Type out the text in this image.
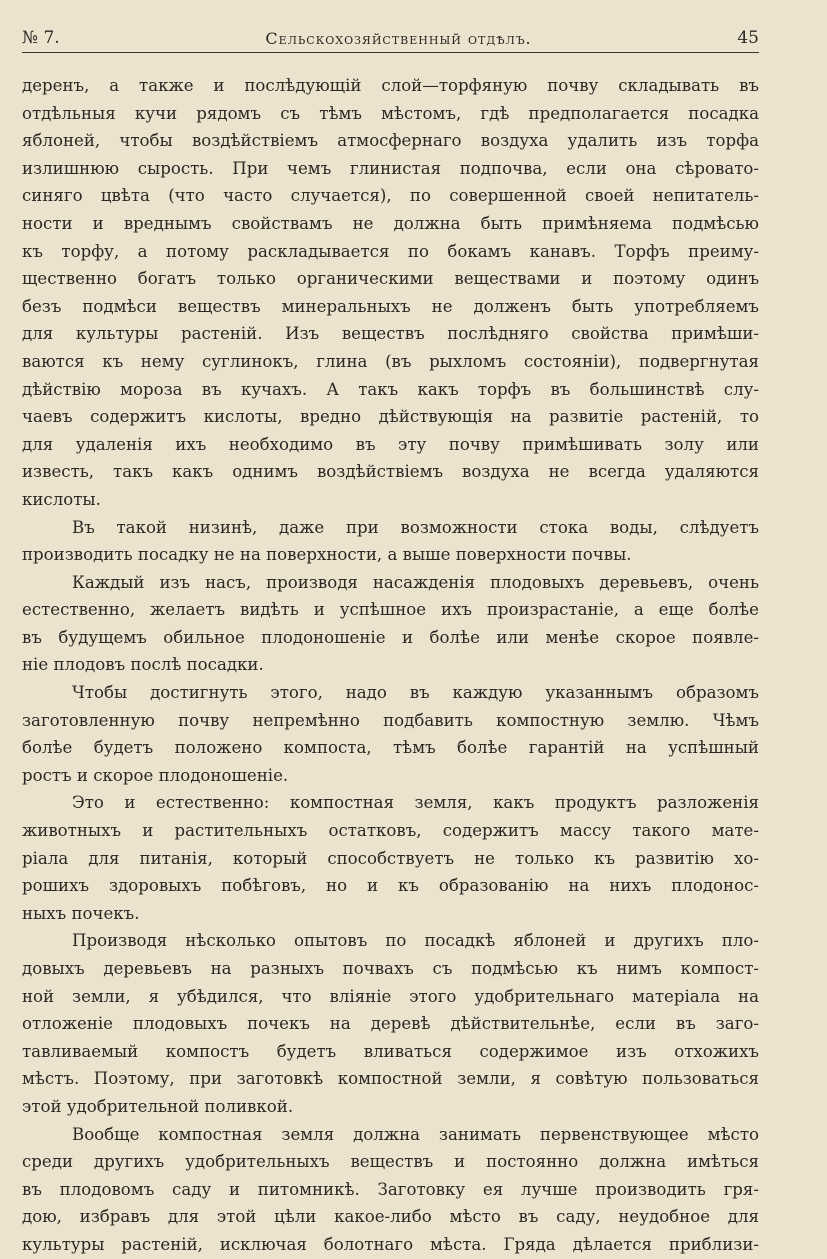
№ 7.	Сельскохозяйственный отдѣлъ.	45
деренъ, а также и послѣдующій слой—торфяную почву складывать въ
отдѣльныя кучи рядомъ съ тѣмъ мѣстомъ, гдѣ предполагается посадка
яблоней, чтобы воздѣйствіемъ атмосфернаго воздуха удалить изъ торфа
излишнюю сырость. При чемъ глинистая подпочва, если она сѣровато-
синяго цвѣта (что часто случается), по совершенной своей непитатель-
ности и вреднымъ свойствамъ не должна быть примѣняема подмѣсью
къ торфу, а потому раскладывается по бокамъ канавъ. Торфъ преиму-
щественно богатъ только органическими веществами и поэтому одинъ
безъ подмѣси веществъ минеральныхъ не долженъ быть употребляемъ
для культуры растеній. Изъ веществъ послѣдняго свойства примѣши-
ваются къ нему суглинокъ, глина (въ рыхломъ состояніи), подвергнутая
дѣйствію мороза въ кучахъ. А такъ какъ торфъ въ большинствѣ слу-
чаевъ содержитъ кислоты, вредно дѣйствующія на развитіе растеній, то
для удаленія ихъ необходимо въ эту почву примѣшивать золу или
известь, такъ какъ однимъ воздѣйствіемъ воздуха не всегда удаляются
кислоты.
Въ такой низинѣ, даже при возможности стока воды, слѣдуетъ
производить посадку не на поверхности, а выше поверхности почвы.
Каждый изъ насъ, производя насажденія плодовыхъ деревьевъ, очень
естественно, желаетъ видѣть и успѣшное ихъ произрастаніе, а еще болѣе
въ будущемъ обильное плодоношеніе и болѣе или менѣе скорое появле-
ніе плодовъ послѣ посадки.
Чтобы достигнуть этого, надо въ каждую указаннымъ образомъ
заготовленную почву непремѣнно подбавить компостную землю. Чѣмъ
болѣе будетъ положено компоста, тѣмъ болѣе гарантій на успѣшный
ростъ и скорое плодоношеніе.
Это и естественно: компостная земля, какъ продуктъ разложенія
животныхъ и растительныхъ остатковъ, содержитъ массу такого мате-
ріала для питанія, который способствуетъ не только къ развитію хо-
рошихъ здоровыхъ побѣговъ, но и къ образованію на нихъ плодонос-
ныхъ почекъ.
Производя нѣсколько опытовъ по посадкѣ яблоней и другихъ пло-
довыхъ деревьевъ на разныхъ почвахъ съ подмѣсью къ нимъ компост-
ной земли, я убѣдился, что вліяніе этого удобрительнаго матеріала на
отложеніе плодовыхъ почекъ на деревѣ дѣйствительнѣе, если въ заго-
тавливаемый компостъ будетъ вливаться содержимое изъ отхожихъ
мѣстъ. Поэтому, при заготовкѣ компостной земли, я совѣтую пользоваться
этой удобрительной поливкой.
Вообще компостная земля должна занимать первенствующее мѣсто
среди другихъ удобрительныхъ веществъ и постоянно должна имѣться
въ плодовомъ саду и питомникѣ. Заготовку ея лучше производить гря-
дою, избравъ для этой цѣли какое-либо мѣсто въ саду, неудобное для
культуры растеній, исключая болотнаго мѣста. Гряда дѣлается приблизи-
